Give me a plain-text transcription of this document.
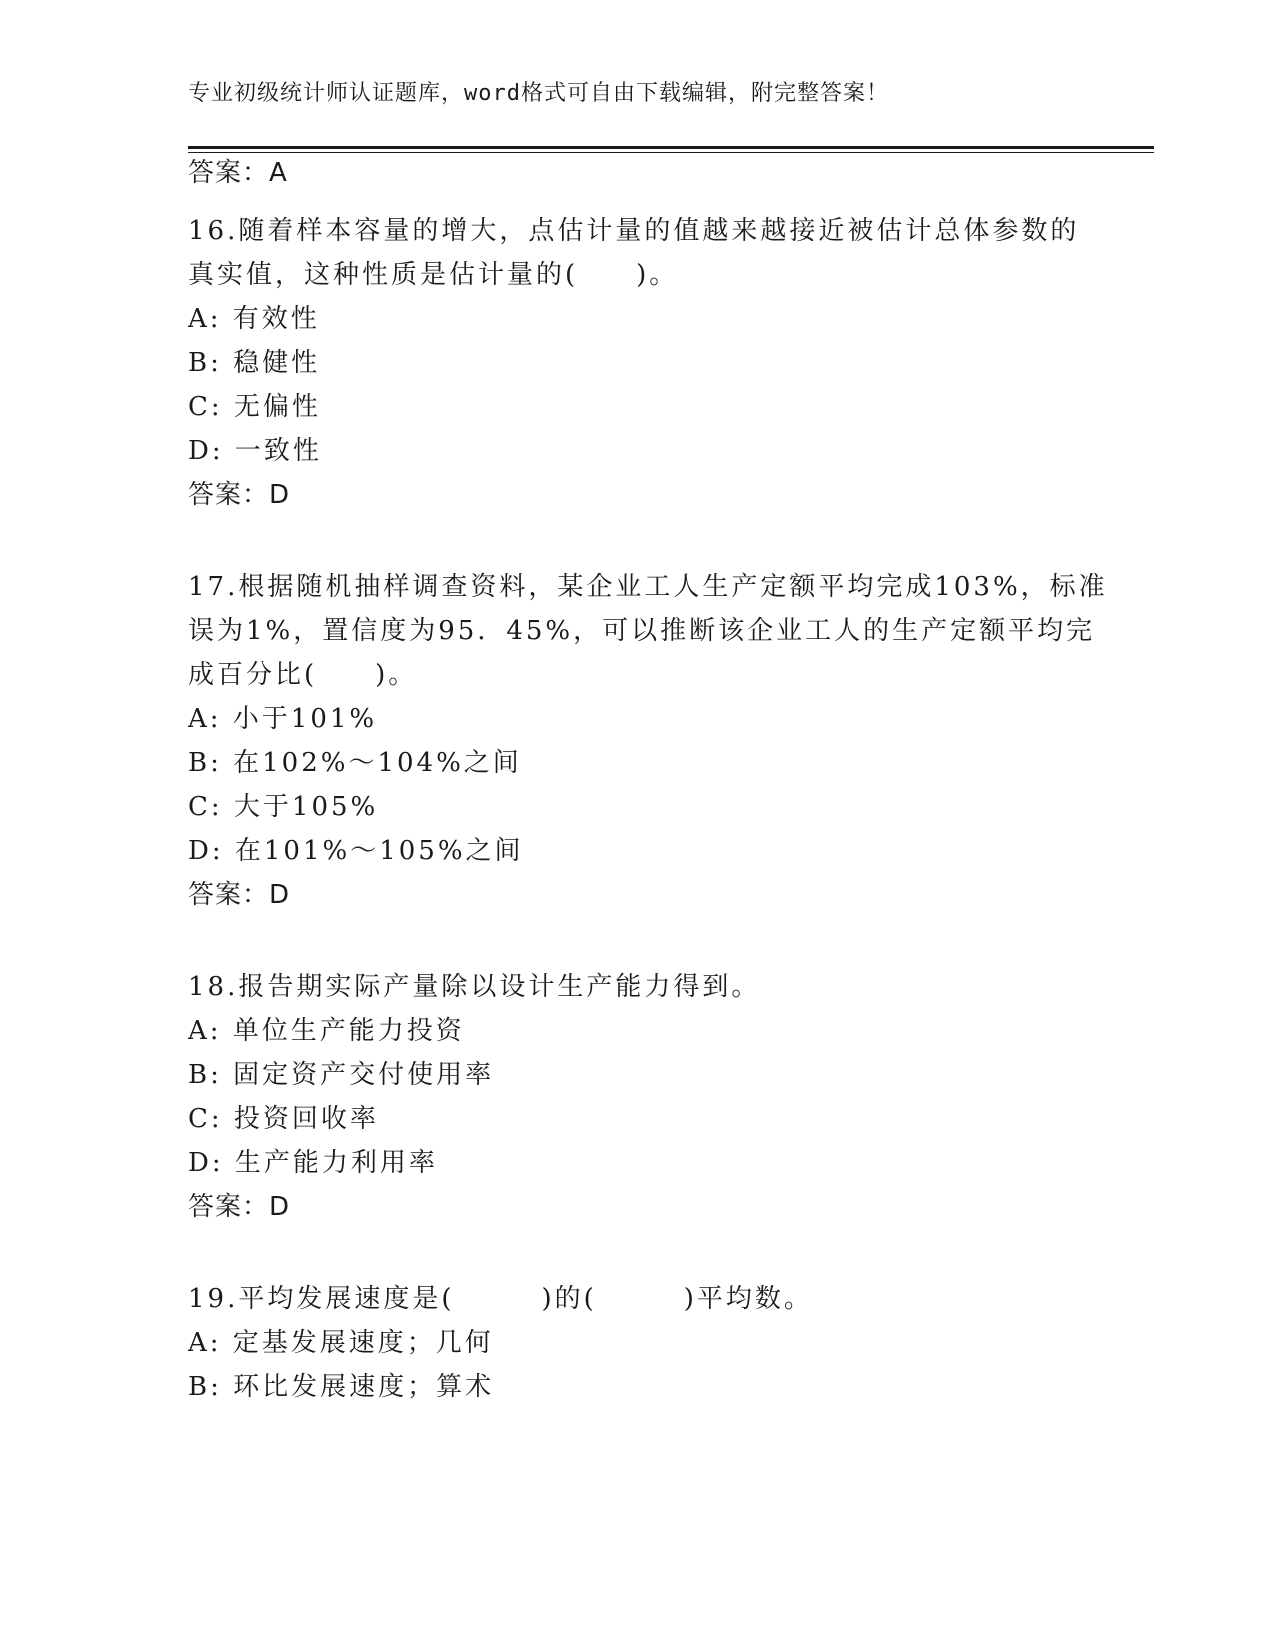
专业初级统计师认证题库，word格式可自由下载编辑，附完整答案！
答案：A
16.随着样本容量的增大，点估计量的值越来越接近被估计总体参数的
真实值，这种性质是估计量的(　　)。
A: 有效性
B: 稳健性
C: 无偏性
D: 一致性
答案：D
17.根据随机抽样调查资料，某企业工人生产定额平均完成103%，标准
误为1%，置信度为95．45%，可以推断该企业工人的生产定额平均完
成百分比(　　)。
A: 小于101%
B: 在102%～104%之间
C: 大于105%
D: 在101%～105%之间
答案：D
18.报告期实际产量除以设计生产能力得到。
A: 单位生产能力投资
B: 固定资产交付使用率
C: 投资回收率
D: 生产能力利用率
答案：D
19.平均发展速度是(　　　)的(　　　)平均数。
A: 定基发展速度；几何
B: 环比发展速度；算术
